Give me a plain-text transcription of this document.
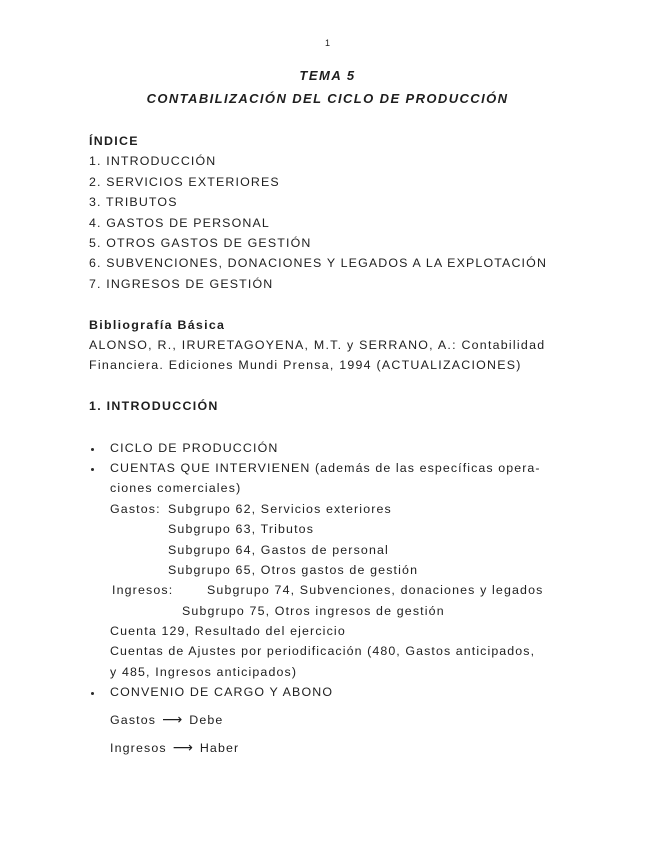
1
TEMA 5
CONTABILIZACIÓN DEL CICLO DE PRODUCCIÓN
ÍNDICE
1. INTRODUCCIÓN
2. SERVICIOS EXTERIORES
3. TRIBUTOS
4. GASTOS DE PERSONAL
5. OTROS GASTOS DE GESTIÓN
6. SUBVENCIONES, DONACIONES Y LEGADOS A LA EXPLOTACIÓN
7. INGRESOS DE GESTIÓN
Bibliografía Básica
ALONSO, R., IRURETAGOYENA, M.T. y SERRANO, A.: Contabilidad
Financiera. Ediciones Mundi Prensa, 1994 (ACTUALIZACIONES)
1. INTRODUCCIÓN
CICLO DE PRODUCCIÓN
CUENTAS QUE INTERVIENEN (además de las específicas opera-
ciones comerciales)
Gastos: Subgrupo 62, Servicios exteriores
Subgrupo 63, Tributos
Subgrupo 64, Gastos de personal
Subgrupo 65, Otros gastos de gestión
Ingresos:	Subgrupo 74, Subvenciones, donaciones y legados
Subgrupo 75, Otros ingresos de gestión
Cuenta 129, Resultado del ejercicio
Cuentas de Ajustes por periodificación (480, Gastos anticipados,
y 485, Ingresos anticipados)
CONVENIO DE CARGO Y ABONO
Gastos ⟶ Debe
Ingresos ⟶ Haber
